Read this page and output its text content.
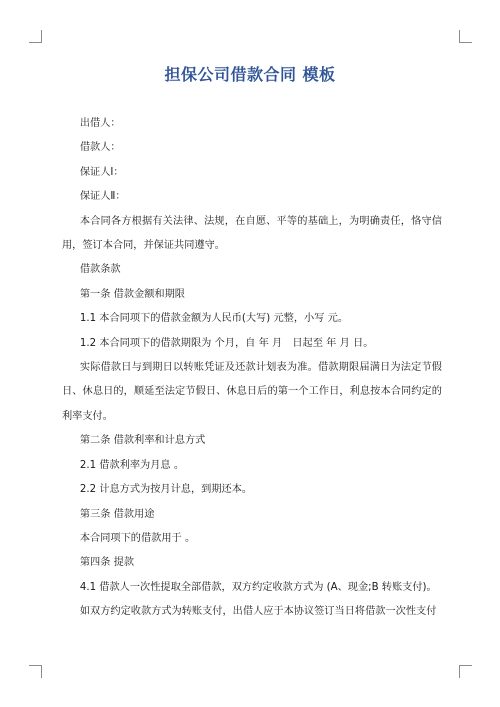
担保公司借款合同 模板

出借人：

借款人：

保证人Ⅰ：

保证人Ⅱ：

本合同各方根据有关法律、法规，在自愿、平等的基础上，为明确责任，恪守信用，签订本合同，并保证共同遵守。

借款条款

第一条 借款金额和期限

1.1 本合同项下的借款金额为人民币(大写) 元整，小写 元。

1.2 本合同项下的借款期限为 个月，自 年 月　日起至 年 月 日。

实际借款日与到期日以转账凭证及还款计划表为准。借款期限届满日为法定节假日、休息日的，顺延至法定节假日、休息日后的第一个工作日，利息按本合同约定的利率支付。

第二条 借款利率和计息方式

2.1 借款利率为月息 。

2.2 计息方式为按月计息，到期还本。

第三条 借款用途

本合同项下的借款用于 。

第四条 提款

4.1 借款人一次性提取全部借款，双方约定收款方式为 (A、现金;B 转账支付)。

如双方约定收款方式为转账支付，出借人应于本协议签订当日将借款一次性支付
